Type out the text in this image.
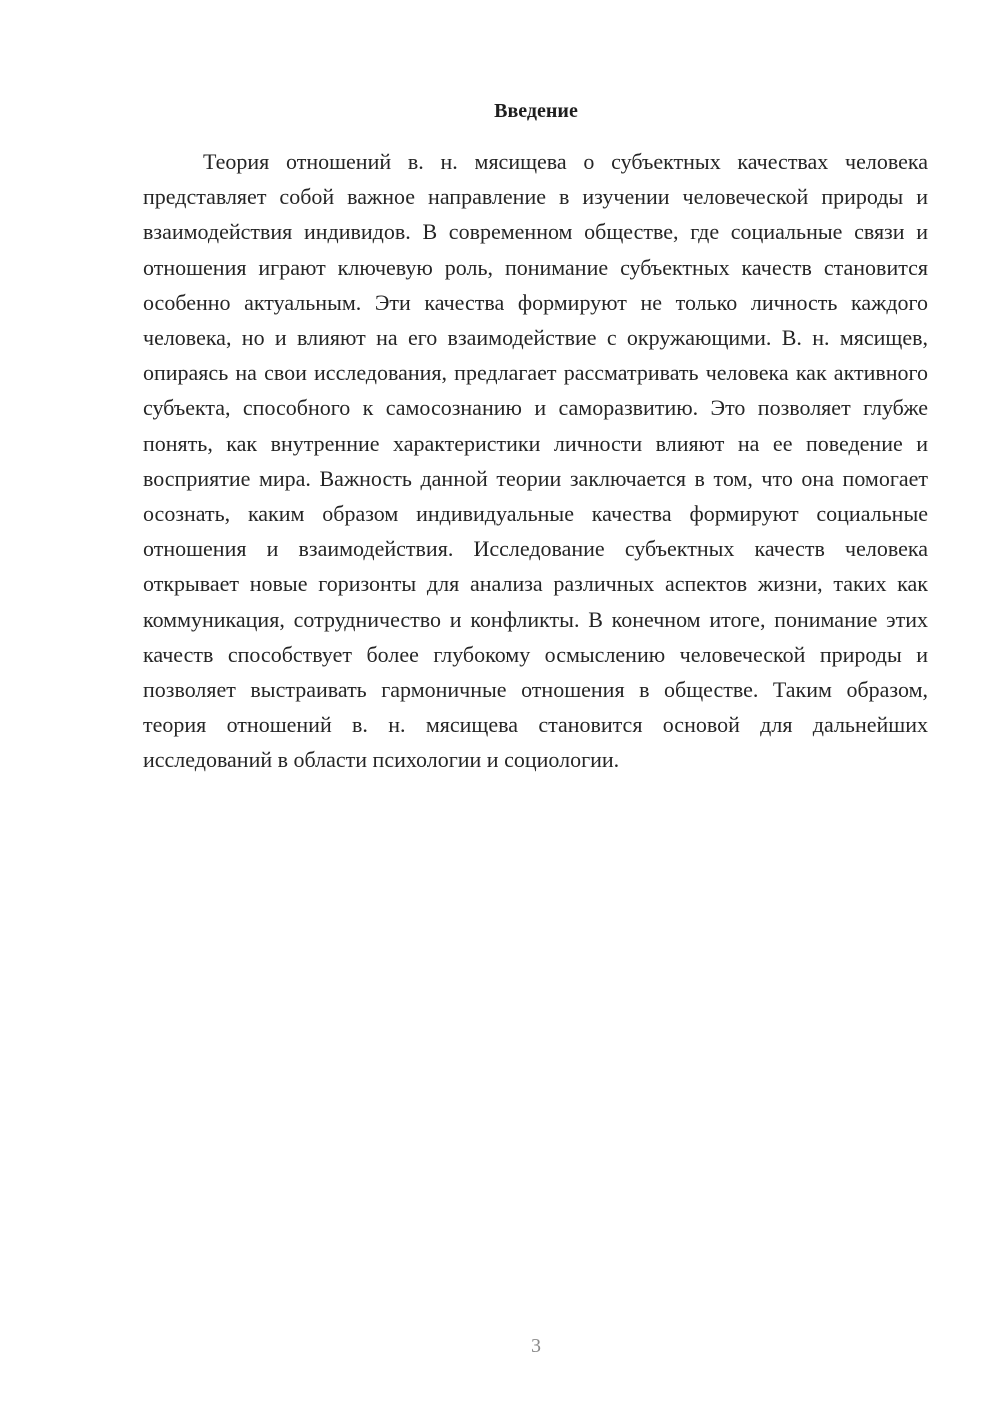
Введение

Теория отношений в. н. мясищева о субъектных качествах человека представляет собой важное направление в изучении человеческой природы и взаимодействия индивидов. В современном обществе, где социальные связи и отношения играют ключевую роль, понимание субъектных качеств становится особенно актуальным. Эти качества формируют не только личность каждого человека, но и влияют на его взаимодействие с окружающими. В. н. мясищев, опираясь на свои исследования, предлагает рассматривать человека как активного субъекта, способного к самосознанию и саморазвитию. Это позволяет глубже понять, как внутренние характеристики личности влияют на ее поведение и восприятие мира. Важность данной теории заключается в том, что она помогает осознать, каким образом индивидуальные качества формируют социальные отношения и взаимодействия. Исследование субъектных качеств человека открывает новые горизонты для анализа различных аспектов жизни, таких как коммуникация, сотрудничество и конфликты. В конечном итоге, понимание этих качеств способствует более глубокому осмыслению человеческой природы и позволяет выстраивать гармоничные отношения в обществе. Таким образом, теория отношений в. н. мясищева становится основой для дальнейших исследований в области психологии и социологии.

3
